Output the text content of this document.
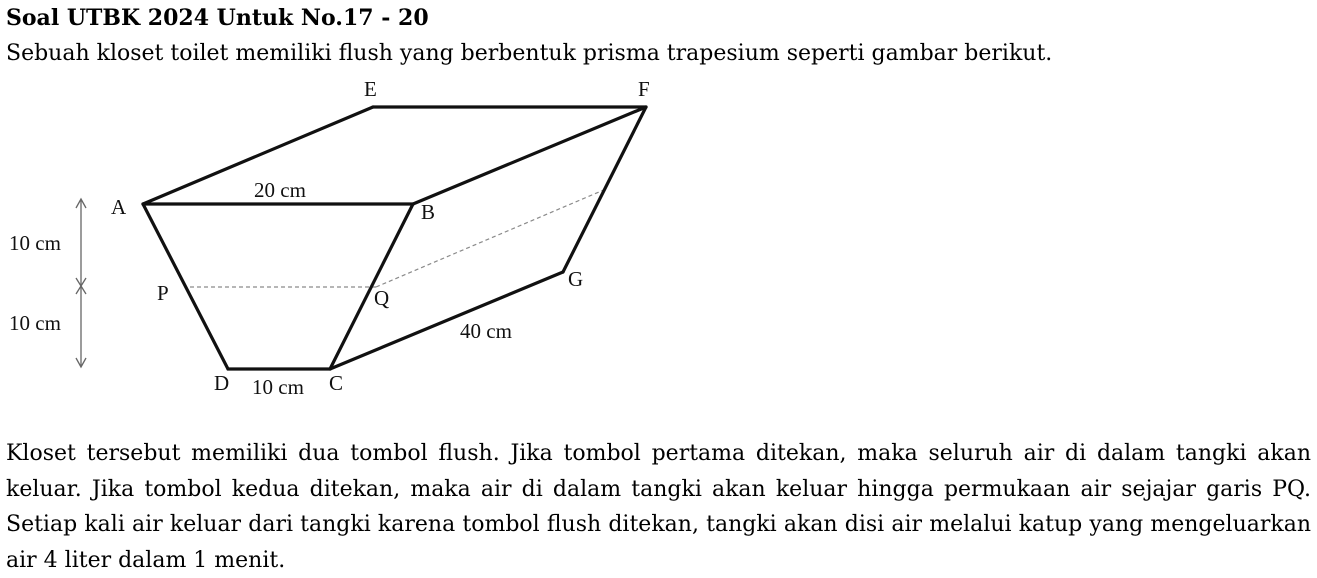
Soal UTBK 2024 Untuk No.17 - 20
Sebuah kloset toilet memiliki flush yang berbentuk prisma trapesium seperti gambar berikut.
E	F
A	B
P	Q
G
D	C
20 cm
10 cm
10 cm
10 cm
40 cm
Kloset tersebut memiliki dua tombol flush. Jika tombol pertama ditekan, maka seluruh air di dalam tangki akan keluar. Jika tombol kedua ditekan, maka air di dalam tangki akan keluar hingga permukaan air sejajar garis PQ. Setiap kali air keluar dari tangki karena tombol flush ditekan, tangki akan disi air melalui katup yang mengeluarkan air 4 liter dalam 1 menit.
